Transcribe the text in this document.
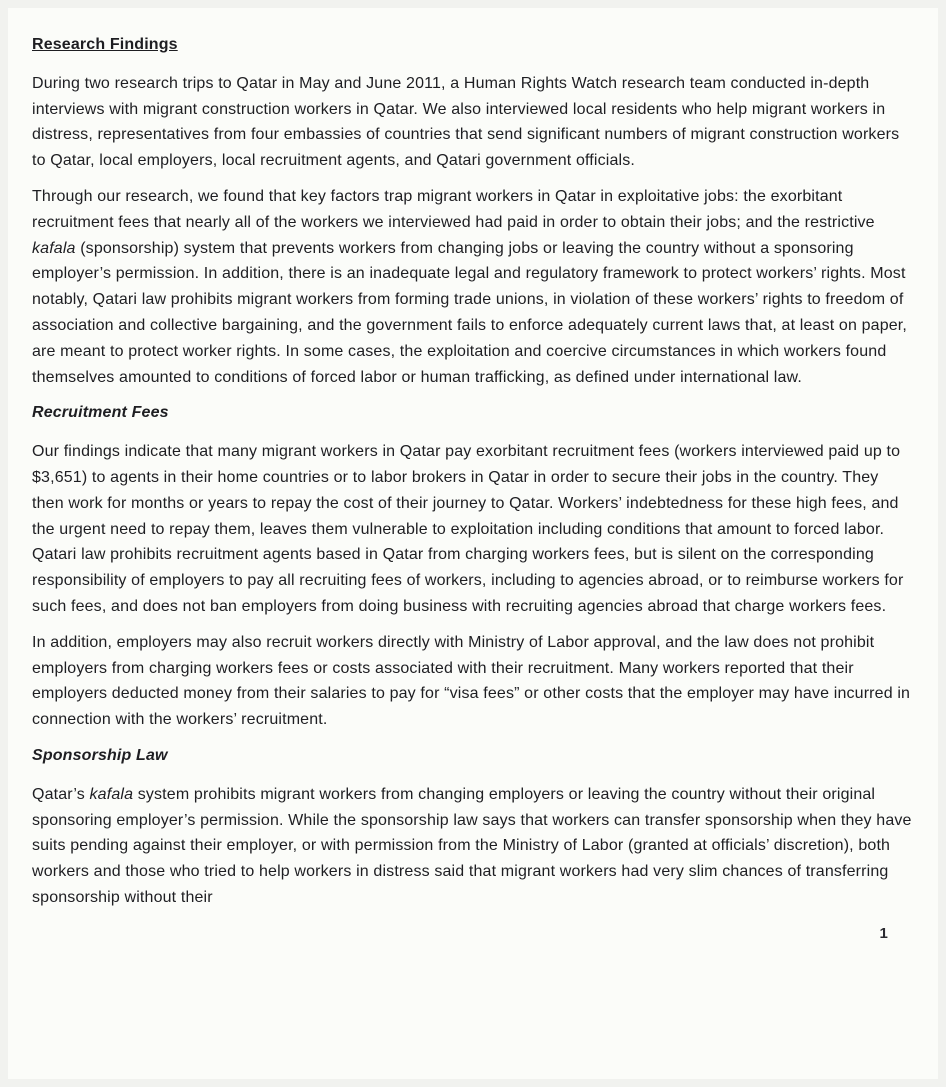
Research Findings

During two research trips to Qatar in May and June 2011, a Human Rights Watch research team conducted in-depth interviews with migrant construction workers in Qatar. We also interviewed local residents who help migrant workers in distress, representatives from four embassies of countries that send significant numbers of migrant construction workers to Qatar, local employers, local recruitment agents, and Qatari government officials.

Through our research, we found that key factors trap migrant workers in Qatar in exploitative jobs: the exorbitant recruitment fees that nearly all of the workers we interviewed had paid in order to obtain their jobs; and the restrictive kafala (sponsorship) system that prevents workers from changing jobs or leaving the country without a sponsoring employer’s permission. In addition, there is an inadequate legal and regulatory framework to protect workers’ rights. Most notably, Qatari law prohibits migrant workers from forming trade unions, in violation of these workers’ rights to freedom of association and collective bargaining, and the government fails to enforce adequately current laws that, at least on paper, are meant to protect worker rights. In some cases, the exploitation and coercive circumstances in which workers found themselves amounted to conditions of forced labor or human trafficking, as defined under international law.

Recruitment Fees

Our findings indicate that many migrant workers in Qatar pay exorbitant recruitment fees (workers interviewed paid up to $3,651) to agents in their home countries or to labor brokers in Qatar in order to secure their jobs in the country. They then work for months or years to repay the cost of their journey to Qatar. Workers’ indebtedness for these high fees, and the urgent need to repay them, leaves them vulnerable to exploitation including conditions that amount to forced labor. Qatari law prohibits recruitment agents based in Qatar from charging workers fees, but is silent on the corresponding responsibility of employers to pay all recruiting fees of workers, including to agencies abroad, or to reimburse workers for such fees, and does not ban employers from doing business with recruiting agencies abroad that charge workers fees.

In addition, employers may also recruit workers directly with Ministry of Labor approval, and the law does not prohibit employers from charging workers fees or costs associated with their recruitment. Many workers reported that their employers deducted money from their salaries to pay for “visa fees” or other costs that the employer may have incurred in connection with the workers’ recruitment.

Sponsorship Law

Qatar’s kafala system prohibits migrant workers from changing employers or leaving the country without their original sponsoring employer’s permission. While the sponsorship law says that workers can transfer sponsorship when they have suits pending against their employer, or with permission from the Ministry of Labor (granted at officials’ discretion), both workers and those who tried to help workers in distress said that migrant workers had very slim chances of transferring sponsorship without their

1
